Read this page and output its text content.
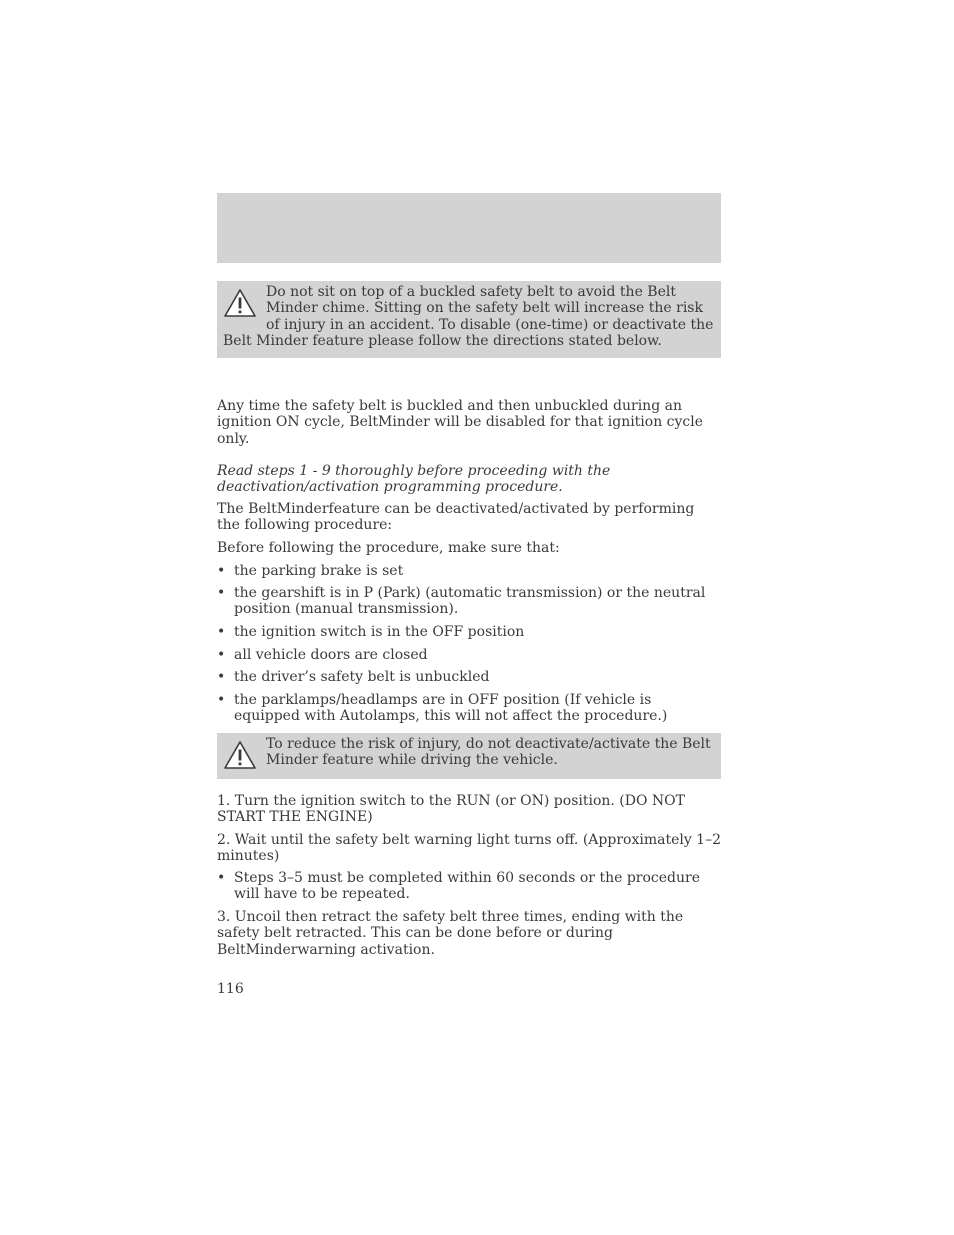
Do not sit on top of a buckled safety belt to avoid the Belt Minder chime. Sitting on the safety belt will increase the risk of injury in an accident. To disable (one-time) or deactivate the Belt Minder feature please follow the directions stated below.

Any time the safety belt is buckled and then unbuckled during an ignition ON cycle, BeltMinder will be disabled for that ignition cycle only.

Read steps 1 - 9 thoroughly before proceeding with the deactivation/activation programming procedure.

The BeltMinderfeature can be deactivated/activated by performing the following procedure:

Before following the procedure, make sure that:

• the parking brake is set
• the gearshift is in P (Park) (automatic transmission) or the neutral position (manual transmission).
• the ignition switch is in the OFF position
• all vehicle doors are closed
• the driver’s safety belt is unbuckled
• the parklamps/headlamps are in OFF position (If vehicle is equipped with Autolamps, this will not affect the procedure.)
To reduce the risk of injury, do not deactivate/activate the Belt Minder feature while driving the vehicle.

1. Turn the ignition switch to the RUN (or ON) position. (DO NOT START THE ENGINE)

2. Wait until the safety belt warning light turns off. (Approximately 1–2 minutes)

• Steps 3–5 must be completed within 60 seconds or the procedure will have to be repeated.

3. Uncoil then retract the safety belt three times, ending with the safety belt retracted. This can be done before or during BeltMinderwarning activation.

116
